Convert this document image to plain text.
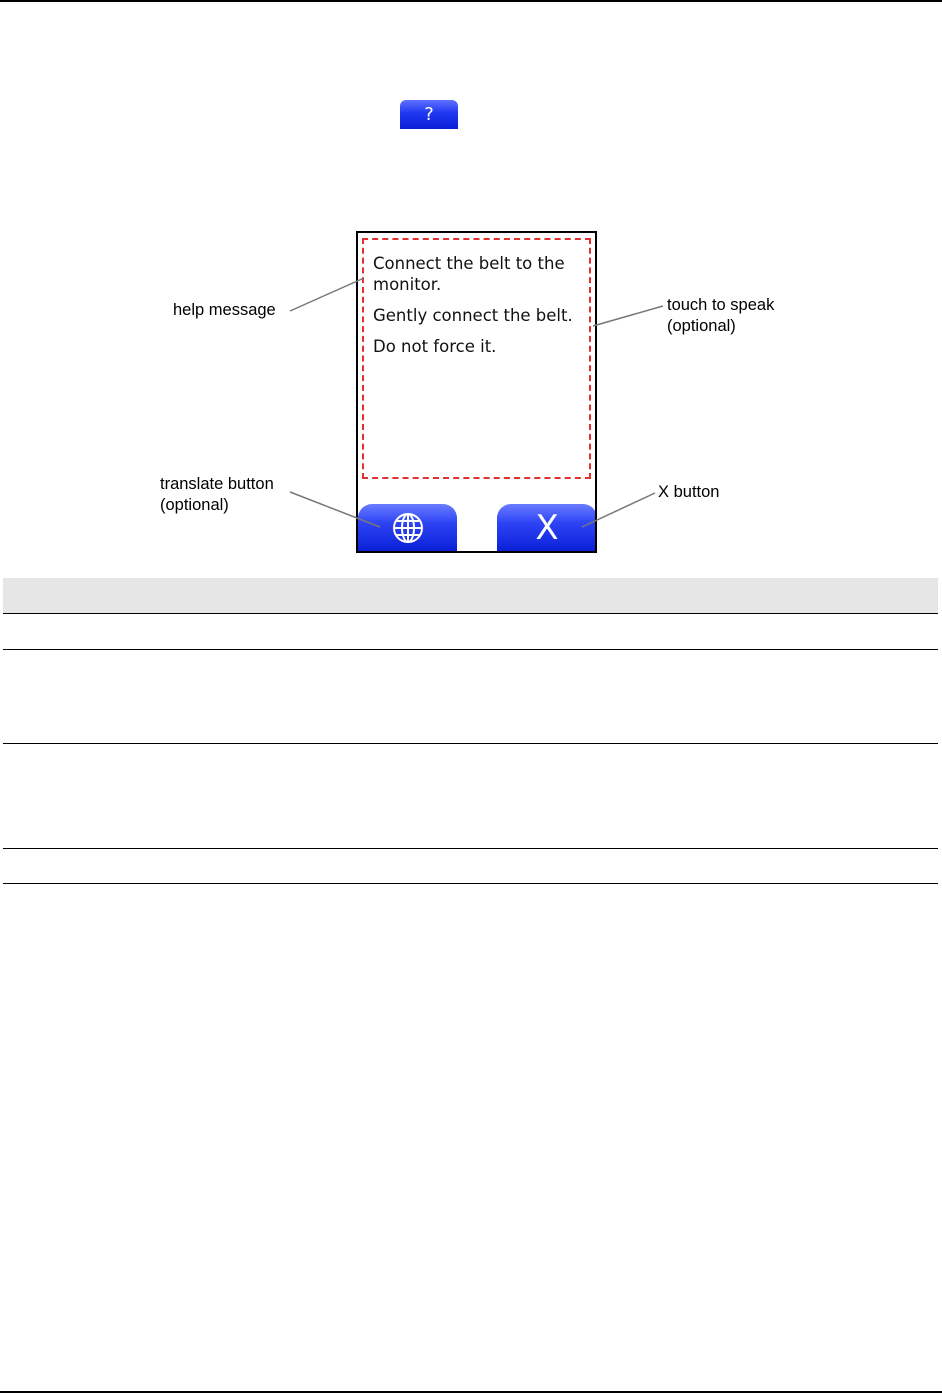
?

Connect the belt to the monitor.

Gently connect the belt.

Do not force it.

X
help message	touch to speak
(optional)
translate button
(optional)
X button
